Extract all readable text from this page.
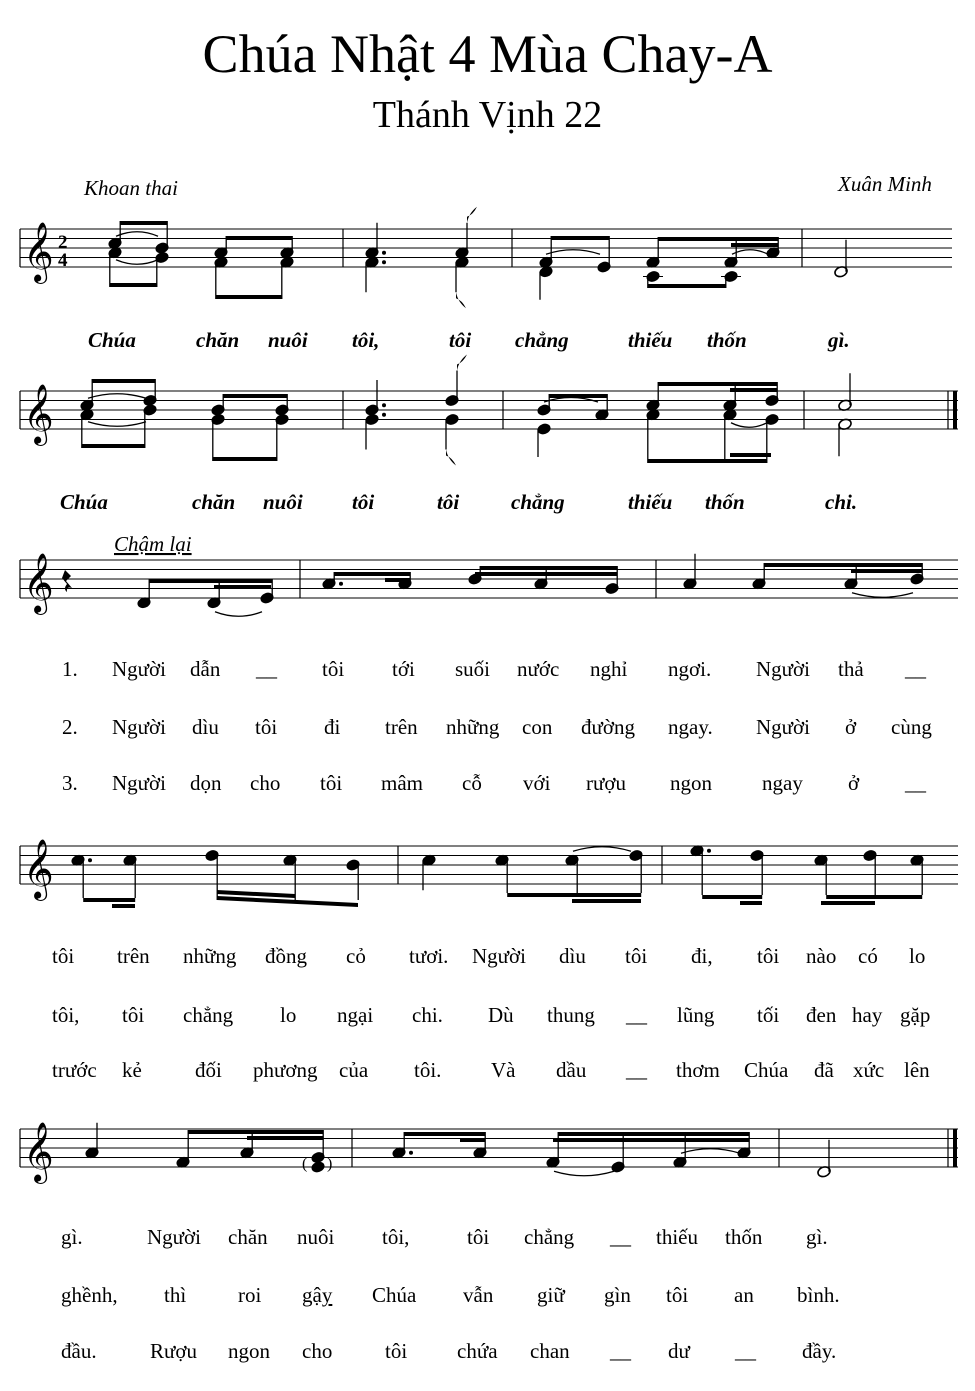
Chúa Nhật 4 Mùa Chay-A
Thánh Vịnh 22
Khoan thai	Xuân Minh
𝄞 2
4
𝄞
𝄞
Chậm lại
𝄞
𝄞	( )
Chúa	chăn nuôi tôi,	tôi chẳng	thiếu thốn	gì.
Chúa	chăn nuôi tôi	tôi chẳng	thiếu thốn	chi.
1. Người dẫn __ tôi tới suối nước nghỉ ngơi. Người thả __
2. Người dìu tôi đi trên những con đường ngay. Người ở cùng
3. Người dọn cho tôi mâm cỗ với rượu ngon ngay ở __
tôi trên những đồng cỏ tươi. Người dìu tôi đi, tôi nào có lo
tôi, tôi chẳng lo ngại chi. Dù thung __ lũng tối đen hay gặp
trước kẻ	đối phương của tôi. Và dầu __ thơm Chúa đã xức lên
gì.	Người chăn nuôi tôi,	tôi chẳng __ thiếu thốn gì.
ghềnh, thì roi gậy Chúa vẫn giữ gìn tôi an bình.
đầu.	Rượu ngon cho	tôi chứa chan __ dư __ đầy.
